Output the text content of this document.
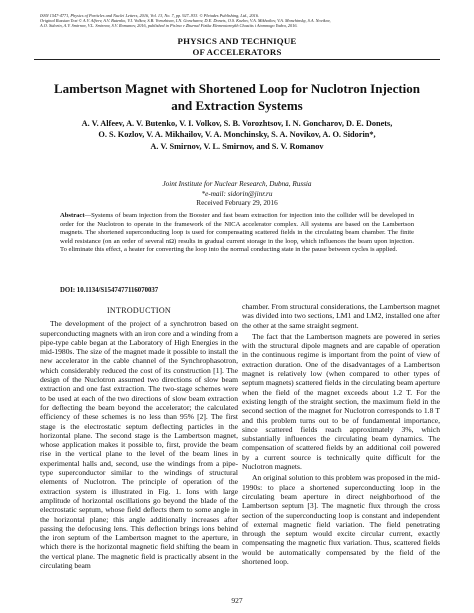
ISSN 1547-4771, Physics of Particles and Nuclei Letters, 2016, Vol. 13, No. 7, pp. 927–933. © Pleiades Publishing, Ltd., 2016.
Original Russian Text © A.V. Alfeev, A.V. Butenko, V.I. Volkov, S.B. Vorozhtsov, I.N. Goncharov, D.E. Donets, O.S. Kozlov, V.A. Mikhailov, V.A. Monchinsky, S.A. Novikov,
A.O. Sidorin, A.V. Smirnov, V.L. Smirnov, S.V. Romanov, 2016, published in Pis'ma v Zhurnal Fizika Elementarnykh Chastits i Atomnogo Yadra, 2016.
PHYSICS AND TECHNIQUE
OF ACCELERATORS
Lambertson Magnet with Shortened Loop for Nuclotron Injection
and Extraction Systems
A. V. Alfeev, A. V. Butenko, V. I. Volkov, S. B. Vorozhtsov, I. N. Goncharov, D. E. Donets,
O. S. Kozlov, V. A. Mikhailov, V. A. Monchinsky, S. A. Novikov, A. O. Sidorin*,
A. V. Smirnov, V. L. Smirnov, and S. V. Romanov
Joint Institute for Nuclear Research, Dubna, Russia
*e-mail: sidorin@jinr.ru
Received February 29, 2016
Abstract—Systems of beam injection from the Booster and fast beam extraction for injection into the collider will be developed in order for the Nuclotron to operate in the framework of the NICA accelerator complex. All systems are based on the Lambertson magnets. The shortened superconducting loop is used for compensating scattered fields in the circulating beam chamber. The finite weld resistance (on an order of several nΩ) results in gradual current storage in the loop, which influences the beam upon injection. To eliminate this effect, a heater for converting the loop into the normal conducting state in the pause between cycles is applied.
DOI: 10.1134/S1547477116070037
INTRODUCTION

The development of the project of a synchrotron based on superconducting magnets with an iron core and a winding from a pipe-type cable began at the Laboratory of High Energies in the mid-1980s. The size of the magnet made it possible to install the new accelerator in the cable channel of the Synchrophasotron, which considerably reduced the cost of its construction [1]. The design of the Nuclotron assumed two directions of slow beam extraction and one fast extraction. The two-stage schemes were to be used at each of the two directions of slow beam extraction for deflecting the beam beyond the accelerator; the calculated efficiency of these schemes is no less than 95% [2]. The first stage is the electrostatic septum deflecting particles in the horizontal plane. The second stage is the Lambertson magnet, whose application makes it possible to, first, provide the beam rise in the vertical plane to the level of the beam lines in experimental halls and, second, use the windings from a pipe-type superconductor similar to the windings of structural elements of Nuclotron. The principle of operation of the extraction system is illustrated in Fig. 1. Ions with large amplitude of horizontal oscillations go beyond the blade of the electrostatic septum, whose field deflects them to some angle in the horizontal plane; this angle additionally increases after passing the defocusing lens. This deflection brings ions behind the iron septum of the Lambertson magnet to the aperture, in which there is the horizontal magnetic field shifting the beam in the vertical plane. The magnetic field is practically absent in the circulating beam

chamber. From structural considerations, the Lambertson magnet was divided into two sections, LM1 and LM2, installed one after the other at the same straight segment.

The fact that the Lambertson magnets are powered in series with the structural dipole magnets and are capable of operation in the continuous regime is important from the point of view of extraction duration. One of the disadvantages of a Lambertson magnet is relatively low (when compared to other types of septum magnets) scattered fields in the circulating beam aperture when the field of the magnet exceeds about 1.2 T. For the existing length of the straight section, the maximum field in the second section of the magnet for Nuclotron corresponds to 1.8 T and this problem turns out to be of fundamental importance, since scattered fields reach approximately 3%, which substantially influences the circulating beam dynamics. The compensation of scattered fields by an additional coil powered by a current source is technically quite difficult for the Nuclotron magnets.

An original solution to this problem was proposed in the mid-1990s: to place a shortened superconducting loop in the circulating beam aperture in direct neighborhood of the Lambertson septum [3]. The magnetic flux through the cross section of the superconducting loop is constant and independent of external magnetic field variation. The field penetrating through the septum would excite circular current, exactly compensating the magnetic flux variation. Thus, scattered fields would be automatically compensated by the field of the shortened loop.

927
